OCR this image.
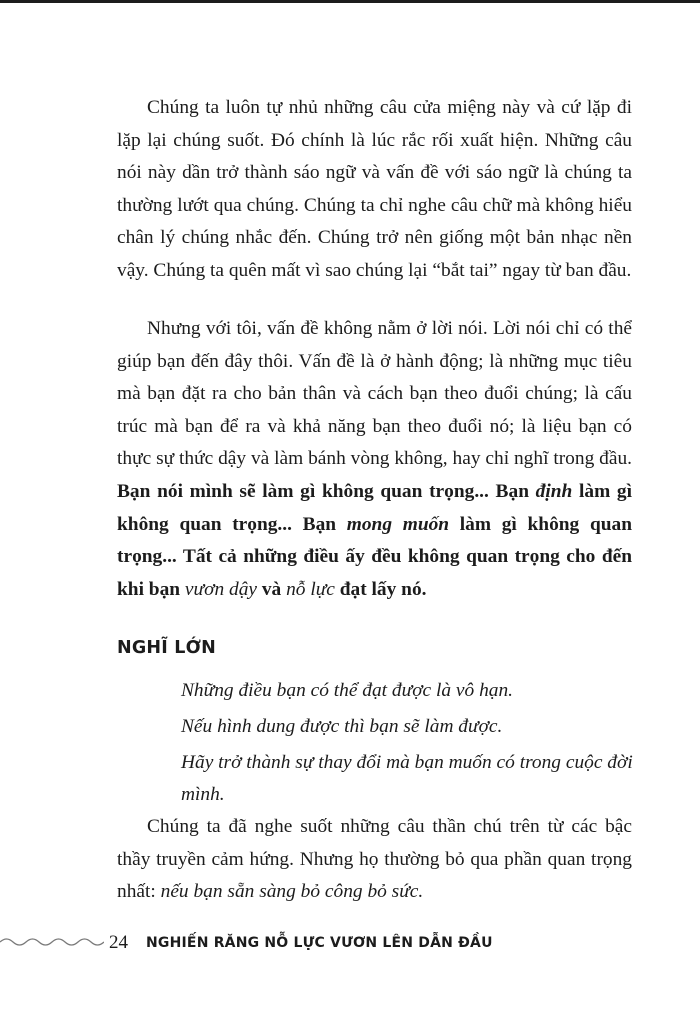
Chúng ta luôn tự nhủ những câu cửa miệng này và cứ lặp đi lặp lại chúng suốt. Đó chính là lúc rắc rối xuất hiện. Những câu nói này dần trở thành sáo ngữ và vấn đề với sáo ngữ là chúng ta thường lướt qua chúng. Chúng ta chỉ nghe câu chữ mà không hiểu chân lý chúng nhắc đến. Chúng trở nên giống một bản nhạc nền vậy. Chúng ta quên mất vì sao chúng lại “bắt tai” ngay từ ban đầu.

Nhưng với tôi, vấn đề không nằm ở lời nói. Lời nói chỉ có thể giúp bạn đến đây thôi. Vấn đề là ở hành động; là những mục tiêu mà bạn đặt ra cho bản thân và cách bạn theo đuổi chúng; là cấu trúc mà bạn để ra và khả năng bạn theo đuổi nó; là liệu bạn có thực sự thức dậy và làm bánh vòng không, hay chỉ nghĩ trong đầu. Bạn nói mình sẽ làm gì không quan trọng... Bạn định làm gì không quan trọng... Bạn mong muốn làm gì không quan trọng... Tất cả những điều ấy đều không quan trọng cho đến khi bạn vươn dậy và nỗ lực đạt lấy nó.

NGHĨ LỚN
Những điều bạn có thể đạt được là vô hạn.
Nếu hình dung được thì bạn sẽ làm được.
Hãy trở thành sự thay đổi mà bạn muốn có trong cuộc đời mình.

Chúng ta đã nghe suốt những câu thần chú trên từ các bậc thầy truyền cảm hứng. Nhưng họ thường bỏ qua phần quan trọng nhất: nếu bạn sẵn sàng bỏ công bỏ sức.

24 NGHIẾN RĂNG NỖ LỰC VƯƠN LÊN DẪN ĐẦU
